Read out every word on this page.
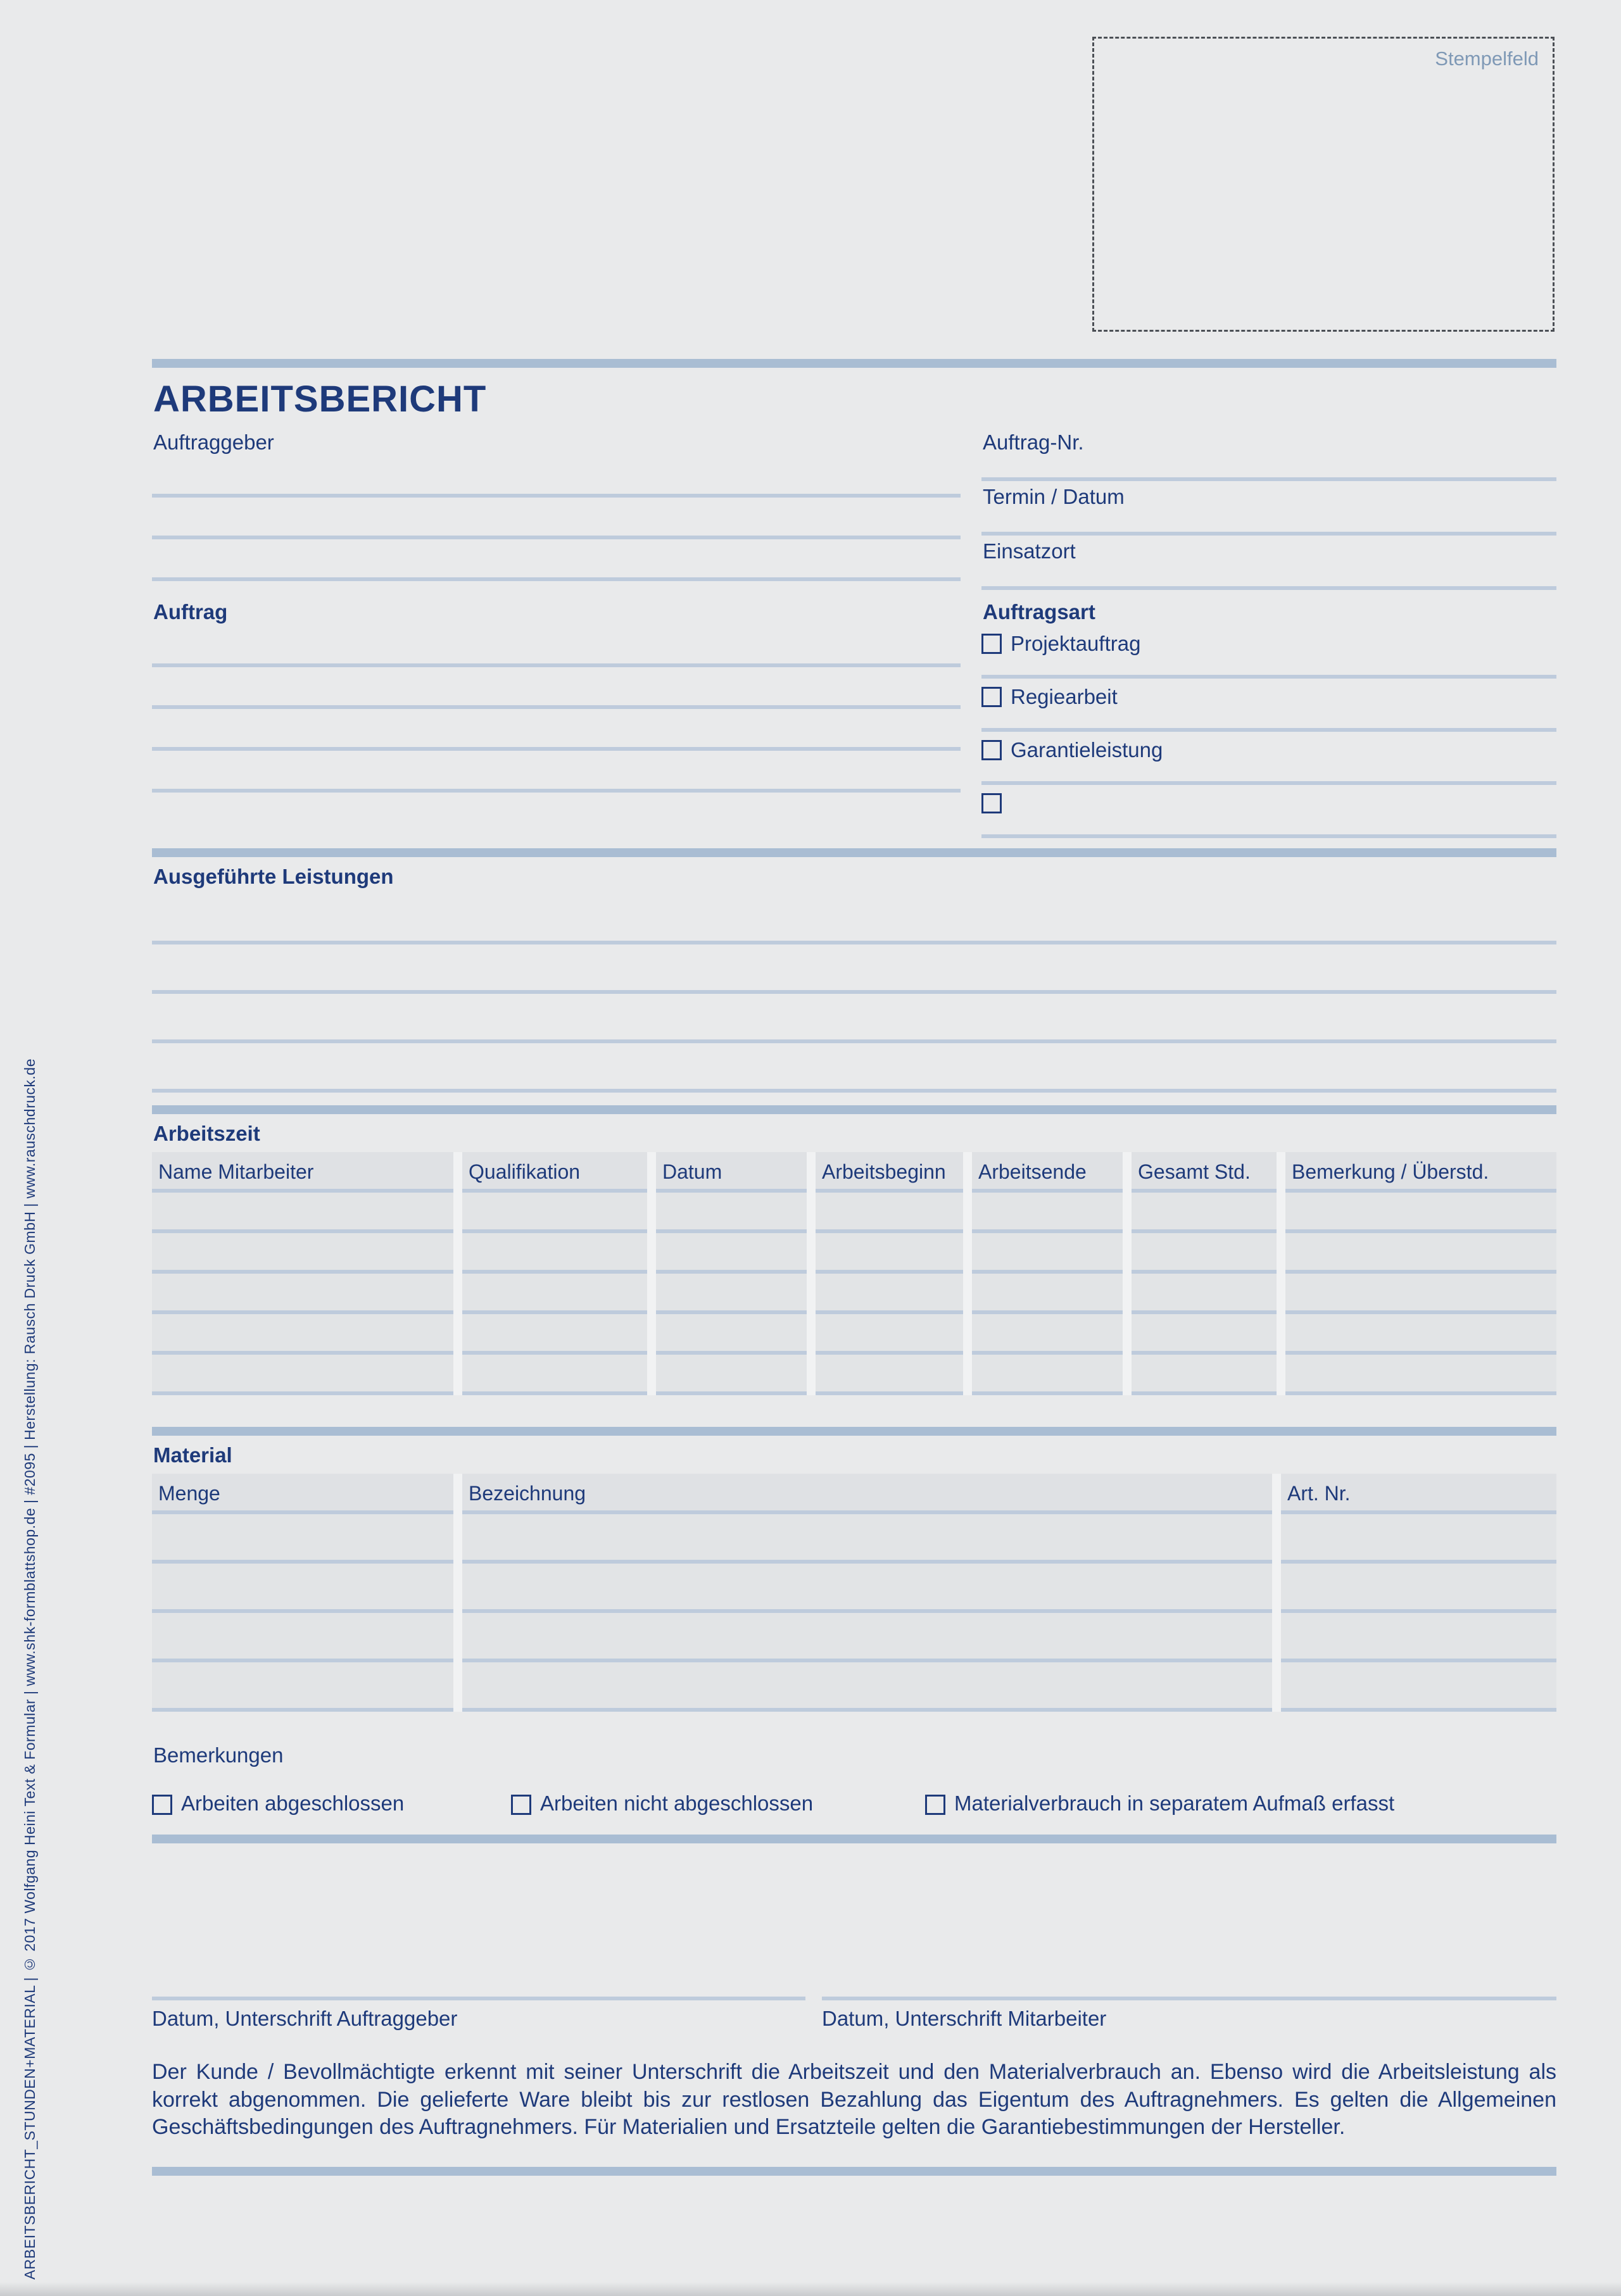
ARBEITSBERICHT_STUNDEN+MATERIAL | © 2017 Wolfgang Heini Text & Formular | www.shk-formblattshop.de | #2095 | Herstellung: Rausch Druck GmbH | www.rauschdruck.de
Stempelfeld
ARBEITSBERICHT
Auftraggeber	Auftrag-Nr.
Termin / Datum
Einsatzort
Auftrag	Auftragsart
Projektauftrag
Regiearbeit
Garantieleistung
Ausgeführte Leistungen
Arbeitszeit
Name Mitarbeiter	Qualifikation	Datum	Arbeitsbeginn	Arbeitsende	Gesamt Std.	Bemerkung / Überstd.
Material
Menge	Bezeichnung	Art. Nr.
Bemerkungen
Arbeiten abgeschlossen	Arbeiten nicht abgeschlossen	Materialverbrauch in separatem Aufmaß erfasst
Datum, Unterschrift Auftraggeber	Datum, Unterschrift Mitarbeiter

Der Kunde / Bevollmächtigte erkennt mit seiner Unterschrift die Arbeitszeit und den Materialverbrauch an. Ebenso wird die Arbeitsleistung als korrekt abgenommen. Die gelieferte Ware bleibt bis zur restlosen Bezahlung das Eigentum des Auftragnehmers. Es gelten die Allgemeinen Geschäftsbedingungen des Auftragnehmers. Für Materialien und Ersatzteile gelten die Garantiebestimmungen der Hersteller.
